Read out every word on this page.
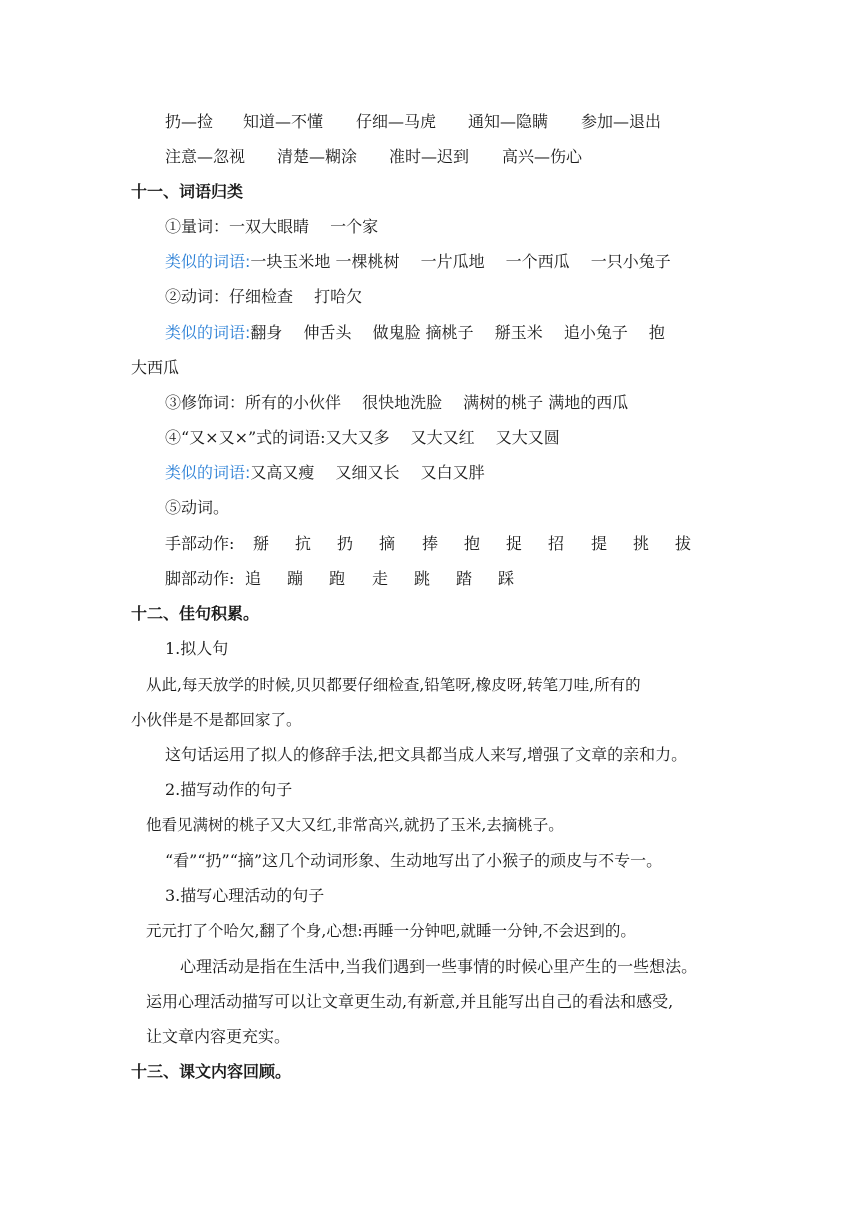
扔—捡 知道—不懂 仔细—马虎 通知—隐瞒 参加—退出
注意—忽视 清楚—糊涂 准时—迟到 高兴—伤心
十一、词语归类
①量词：一双大眼睛　 一个家
类似的词语:一块玉米地 一棵桃树　 一片瓜地　 一个西瓜　 一只小兔子
②动词：仔细检查　 打哈欠
类似的词语:翻身　 伸舌头　 做鬼脸 摘桃子　 掰玉米　 追小兔子　 抱
大西瓜
③修饰词：所有的小伙伴　 很快地洗脸　 满树的桃子 满地的西瓜
④“又×又×”式的词语:又大又多　 又大又红　 又大又圆
类似的词语:又高又瘦　 又细又长　 又白又胖
⑤动词。
手部动作: 掰 抗 扔 摘 捧 抱 捉 招 提 挑 拔
脚部动作: 追 蹦 跑 走 跳 踏 踩
十二、佳句积累。
1.拟人句
从此,每天放学的时候,贝贝都要仔细检查,铅笔呀,橡皮呀,转笔刀哇,所有的
小伙伴是不是都回家了。
这句话运用了拟人的修辞手法,把文具都当成人来写,增强了文章的亲和力。
2.描写动作的句子
他看见满树的桃子又大又红,非常高兴,就扔了玉米,去摘桃子。
“看”“扔”“摘”这几个动词形象、生动地写出了小猴子的顽皮与不专一。
3.描写心理活动的句子
元元打了个哈欠,翻了个身,心想:再睡一分钟吧,就睡一分钟,不会迟到的。
心理活动是指在生活中,当我们遇到一些事情的时候心里产生的一些想法。
运用心理活动描写可以让文章更生动,有新意,并且能写出自己的看法和感受,
让文章内容更充实。
十三、课文内容回顾。
